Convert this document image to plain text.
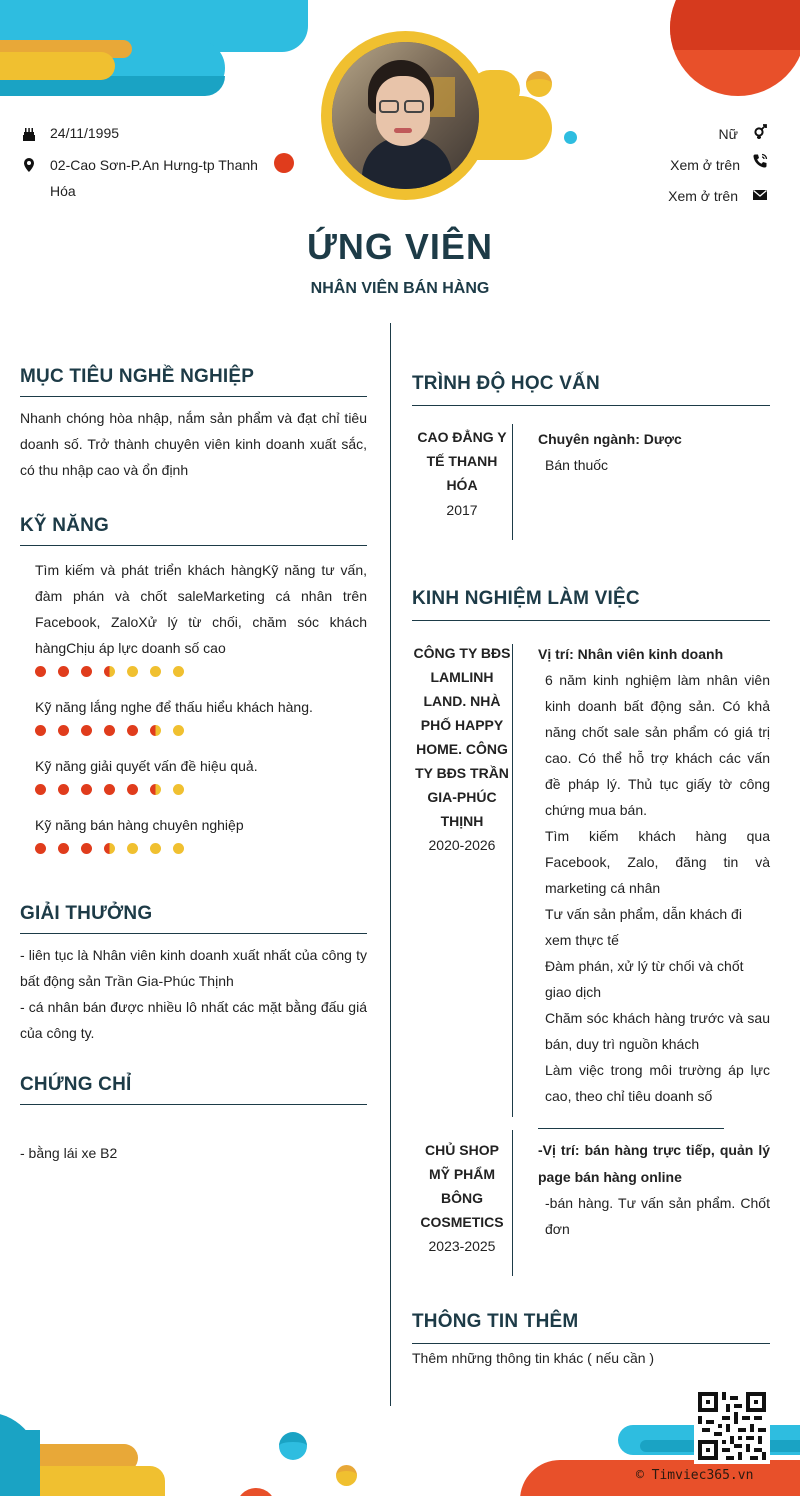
24/11/1995
02-Cao Sơn-P.An Hưng-tp Thanh Hóa
Nữ
Xem ở trên
Xem ở trên
ỨNG VIÊN
NHÂN VIÊN BÁN HÀNG
MỤC TIÊU NGHỀ NGHIỆP
Nhanh chóng hòa nhập, nắm sản phẩm và đạt chỉ tiêu doanh số. Trở thành chuyên viên kinh doanh xuất sắc, có thu nhập cao và ổn định
KỸ NĂNG
Tìm kiếm và phát triển khách hàngKỹ năng tư vấn, đàm phán và chốt saleMarketing cá nhân trên Facebook, ZaloXử lý từ chối, chăm sóc khách hàngChịu áp lực doanh số cao
Kỹ năng lắng nghe để thấu hiểu khách hàng.
Kỹ năng giải quyết vấn đề hiệu quả.
Kỹ năng bán hàng chuyên nghiệp
GIẢI THƯỞNG
- liên tục là Nhân viên kinh doanh xuất nhất của công ty bất động sản Trần Gia-Phúc Thịnh
- cá nhân bán được nhiều lô nhất các mặt bằng đấu giá của công ty.
CHỨNG CHỈ
- bằng lái xe B2
TRÌNH ĐỘ HỌC VẤN
CAO ĐẲNG Y TẾ THANH HÓA
2017
Chuyên ngành: Dược
Bán thuốc
KINH NGHIỆM LÀM VIỆC
CÔNG TY BĐS LAMLINH LAND. NHÀ PHỐ HAPPY HOME. CÔNG TY BĐS TRẦN GIA-PHÚC THỊNH
2020-2026
Vị trí: Nhân viên kinh doanh
6 năm kinh nghiệm làm nhân viên kinh doanh bất động sản. Có khả năng chốt sale sản phẩm có giá trị cao. Có thể hỗ trợ khách các vấn đề pháp lý. Thủ tục giấy tờ công chứng mua bán.
Tìm kiếm khách hàng qua Facebook, Zalo, đăng tin và marketing cá nhân
Tư vấn sản phẩm, dẫn khách đi xem thực tế
Đàm phán, xử lý từ chối và chốt giao dịch
Chăm sóc khách hàng trước và sau bán, duy trì nguồn khách
Làm việc trong môi trường áp lực cao, theo chỉ tiêu doanh số
CHỦ SHOP MỸ PHẨM BÔNG COSMETICS
2023-2025
-Vị trí: bán hàng trực tiếp, quản lý page bán hàng online
-bán hàng. Tư vấn sản phẩm. Chốt đơn
THÔNG TIN THÊM
Thêm những thông tin khác ( nếu cần )
© Timviec365.vn
